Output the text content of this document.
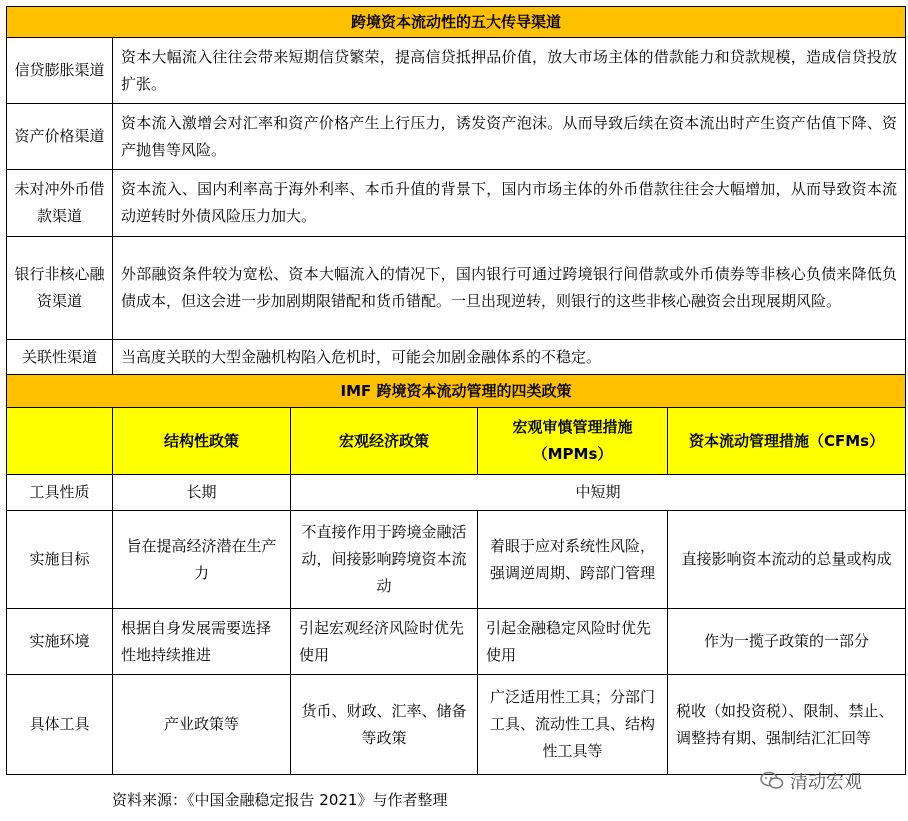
跨境资本流动性的五大传导渠道				
信贷膨胀渠道	资本大幅流入往往会带来短期信贷繁荣，提高信贷抵押品价值，放大市场主体的借款能力和贷款规模，造成信贷投放扩张。			
资产价格渠道	资本流入激增会对汇率和资产价格产生上行压力，诱发资产泡沫。从而导致后续在资本流出时产生资产估值下降、资产抛售等风险。			
未对冲外币借款渠道	资本流入、国内利率高于海外利率、本币升值的背景下，国内市场主体的外币借款往往会大幅增加，从而导致资本流动逆转时外债风险压力加大。			
银行非核心融资渠道	外部融资条件较为宽松、资本大幅流入的情况下，国内银行可通过跨境银行间借款或外币债券等非核心负债来降低负债成本，但这会进一步加剧期限错配和货币错配。一旦出现逆转，则银行的这些非核心融资会出现展期风险。			
关联性渠道	当高度关联的大型金融机构陷入危机时，可能会加剧金融体系的不稳定。			
IMF 跨境资本流动管理的四类政策				
	结构性政策	宏观经济政策	宏观审慎管理措施（MPMs）	资本流动管理措施（CFMs）
工具性质	长期	中短期		
实施目标	旨在提高经济潜在生产力	不直接作用于跨境金融活动，间接影响跨境资本流动	着眼于应对系统性风险，强调逆周期、跨部门管理	直接影响资本流动的总量或构成
实施环境	根据自身发展需要选择性地持续推进	引起宏观经济风险时优先使用	引起金融稳定风险时优先使用	作为一揽子政策的一部分
具体工具	产业政策等	货币、财政、汇率、储备等政策	广泛适用性工具；分部门工具、流动性工具、结构性工具等	税收（如投资税）、限制、禁止、调整持有期、强制结汇汇回等
资料来源：《中国金融稳定报告 2021》与作者整理
清动宏观
